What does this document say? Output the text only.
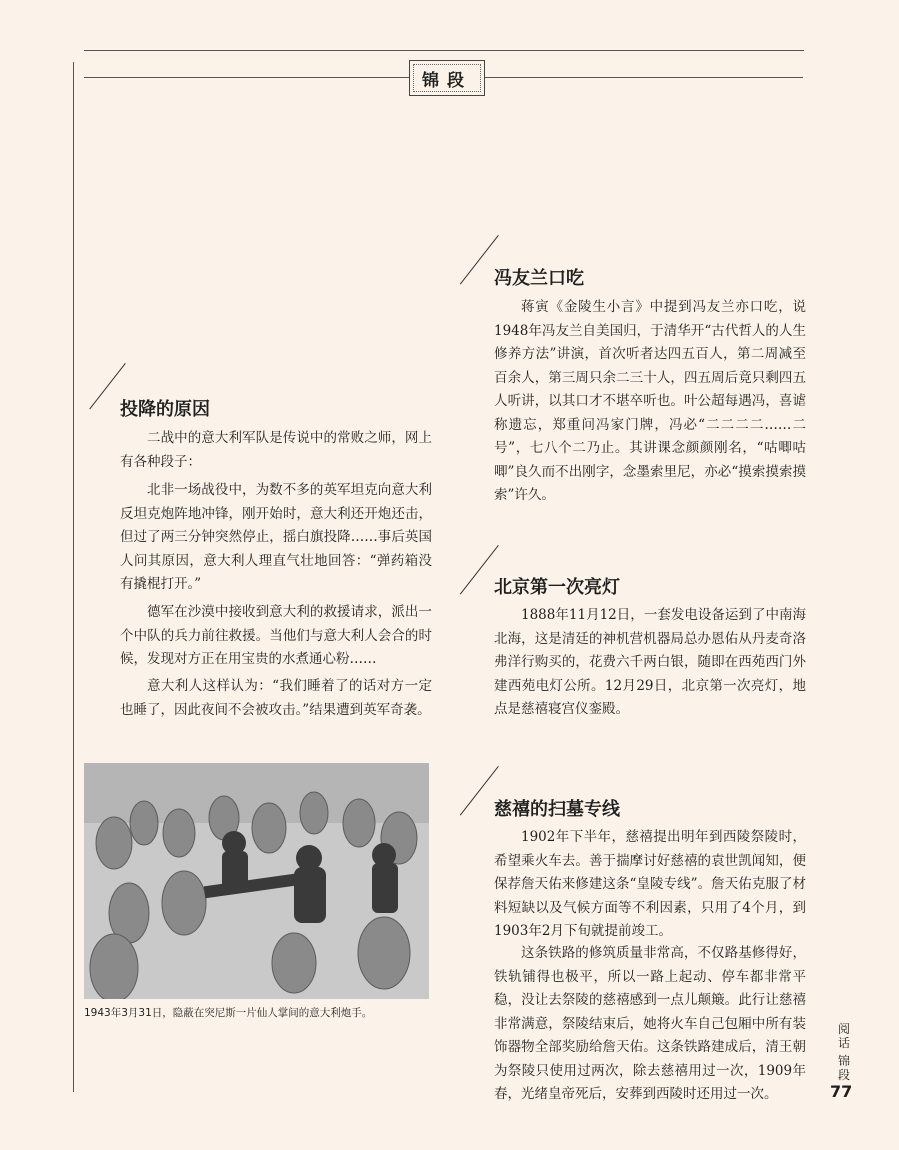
锦段
投降的原因

二战中的意大利军队是传说中的常败之师，网上有各种段子：

北非一场战役中，为数不多的英军坦克向意大利反坦克炮阵地冲锋，刚开始时，意大利还开炮还击，但过了两三分钟突然停止，摇白旗投降……事后英国人问其原因，意大利人理直气壮地回答：“弹药箱没有撬棍打开。”

德军在沙漠中接收到意大利的救援请求，派出一个中队的兵力前往救援。当他们与意大利人会合的时候，发现对方正在用宝贵的水煮通心粉……

意大利人这样认为：“我们睡着了的话对方一定也睡了，因此夜间不会被攻击。”结果遭到英军奇袭。

冯友兰口吃

蒋寅《金陵生小言》中提到冯友兰亦口吃，说1948年冯友兰自美国归，于清华开“古代哲人的人生修养方法”讲演，首次听者达四五百人，第二周减至百余人，第三周只余二三十人，四五周后竟只剩四五人听讲，以其口才不堪卒听也。叶公超每遇冯，喜谑称遗忘，郑重问冯家门牌，冯必“二二二二……二号”，七八个二乃止。其讲课念颜颜刚名，“咕唧咕唧”良久而不出刚字，念墨索里尼，亦必“摸索摸索摸索”许久。

北京第一次亮灯

1888年11月12日，一套发电设备运到了中南海北海，这是清廷的神机营机器局总办恩佑从丹麦奇洛弗洋行购买的，花费六千两白银，随即在西苑西门外建西苑电灯公所。12月29日，北京第一次亮灯，地点是慈禧寝宫仪銮殿。

慈禧的扫墓专线

1902年下半年，慈禧提出明年到西陵祭陵时，希望乘火车去。善于揣摩讨好慈禧的袁世凯闻知，便保荐詹天佑来修建这条“皇陵专线”。詹天佑克服了材料短缺以及气候方面等不利因素，只用了4个月，到1903年2月下旬就提前竣工。

这条铁路的修筑质量非常高，不仅路基修得好，铁轨铺得也极平，所以一路上起动、停车都非常平稳，没让去祭陵的慈禧感到一点儿颠簸。此行让慈禧非常满意，祭陵结束后，她将火车自己包厢中所有装饰器物全部奖励给詹天佑。这条铁路建成后，清王朝为祭陵只使用过两次，除去慈禧用过一次，1909年春，光绪皇帝死后，安葬到西陵时还用过一次。

1943年3月31日，隐蔽在突尼斯一片仙人掌间的意大利炮手。
阅话
锦段
77
